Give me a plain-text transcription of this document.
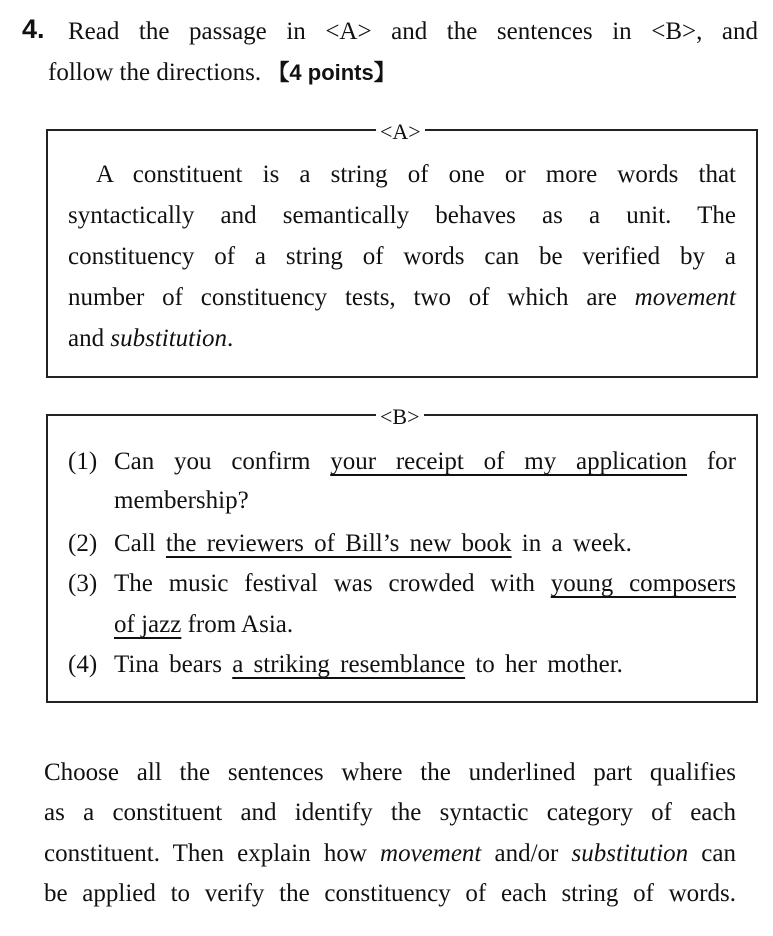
4. Read the passage in <A> and the sentences in <B>, and
follow the directions. 【4 points】
<A>
A constituent is a string of one or more words that
syntactically and semantically behaves as a unit. The
constituency of a string of words can be verified by a
number of constituency tests, two of which are movement
and substitution.
<B>
(1) Can you confirm your receipt of my application for
membership?
(2) Call the reviewers of Bill’s new book in a week.
(3) The music festival was crowded with young composers
of jazz from Asia.
(4) Tina bears a striking resemblance to her mother.
Choose all the sentences where the underlined part qualifies
as a constituent and identify the syntactic category of each
constituent. Then explain how movement and/or substitution can
be applied to verify the constituency of each string of words.
